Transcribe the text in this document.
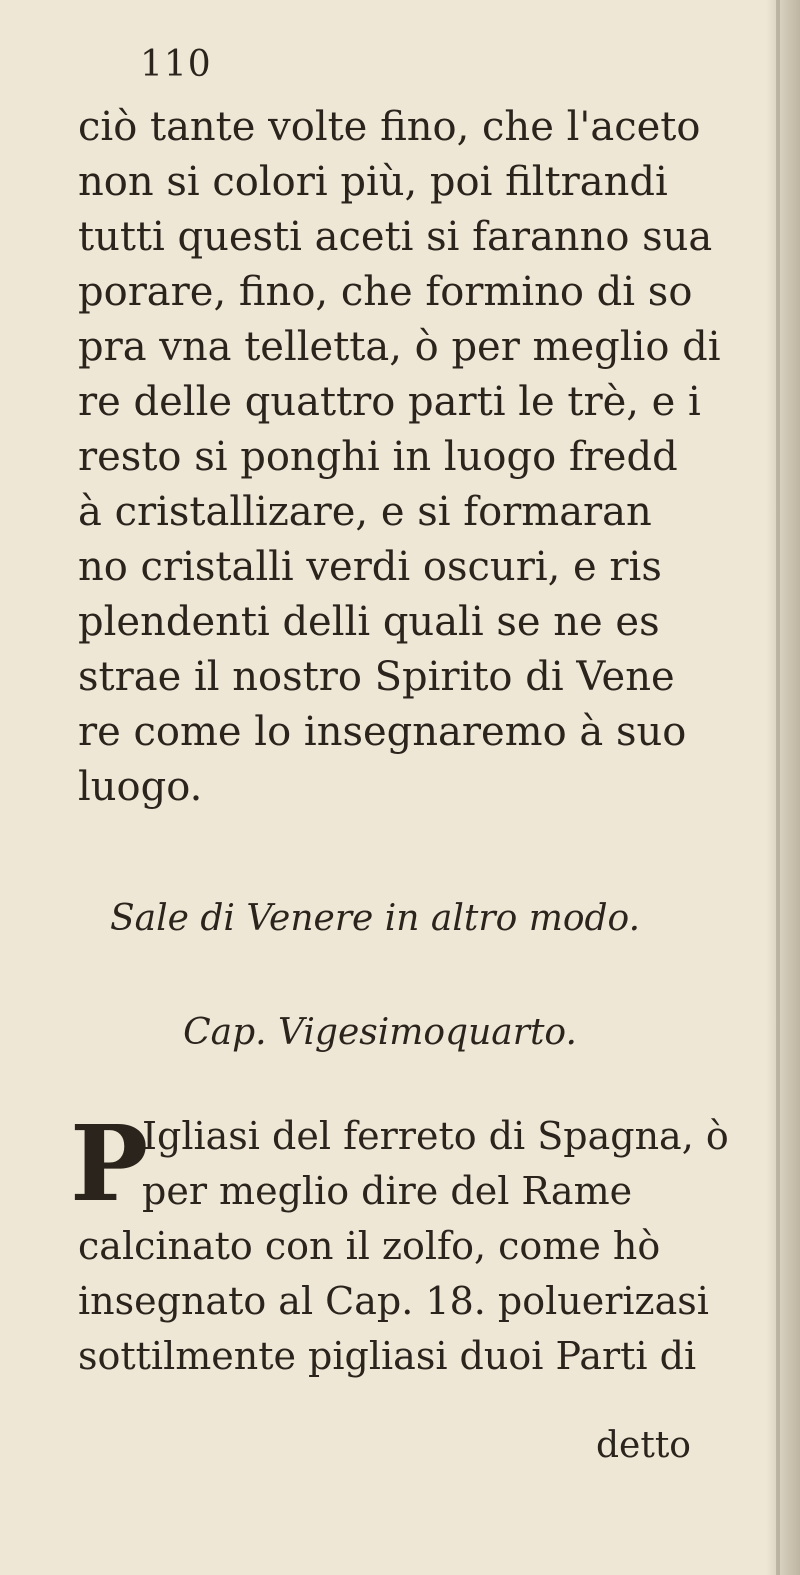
110
ciò tante volte fino, che l'aceto
non si colori più, poi filtrandi
tutti questi aceti si faranno sua
porare, fino, che formino di so
pra vna telletta, ò per meglio di
re delle quattro parti le trè, e i
resto si ponghi in luogo fredd
à cristallizare, e si formaran
no cristalli verdi oscuri, e ris
plendenti delli quali se ne es
strae il nostro Spirito di Vene
re come lo insegnaremo à suo
luogo.
Sale di Venere in altro modo.
Cap. Vigesimoquarto.
P
Igliasi del ferreto di Spagna, ò
per meglio dire del Rame
calcinato con il zolfo, come hò
insegnato al Cap. 18. poluerizasi
sottilmente pigliasi duoi Parti di
detto
